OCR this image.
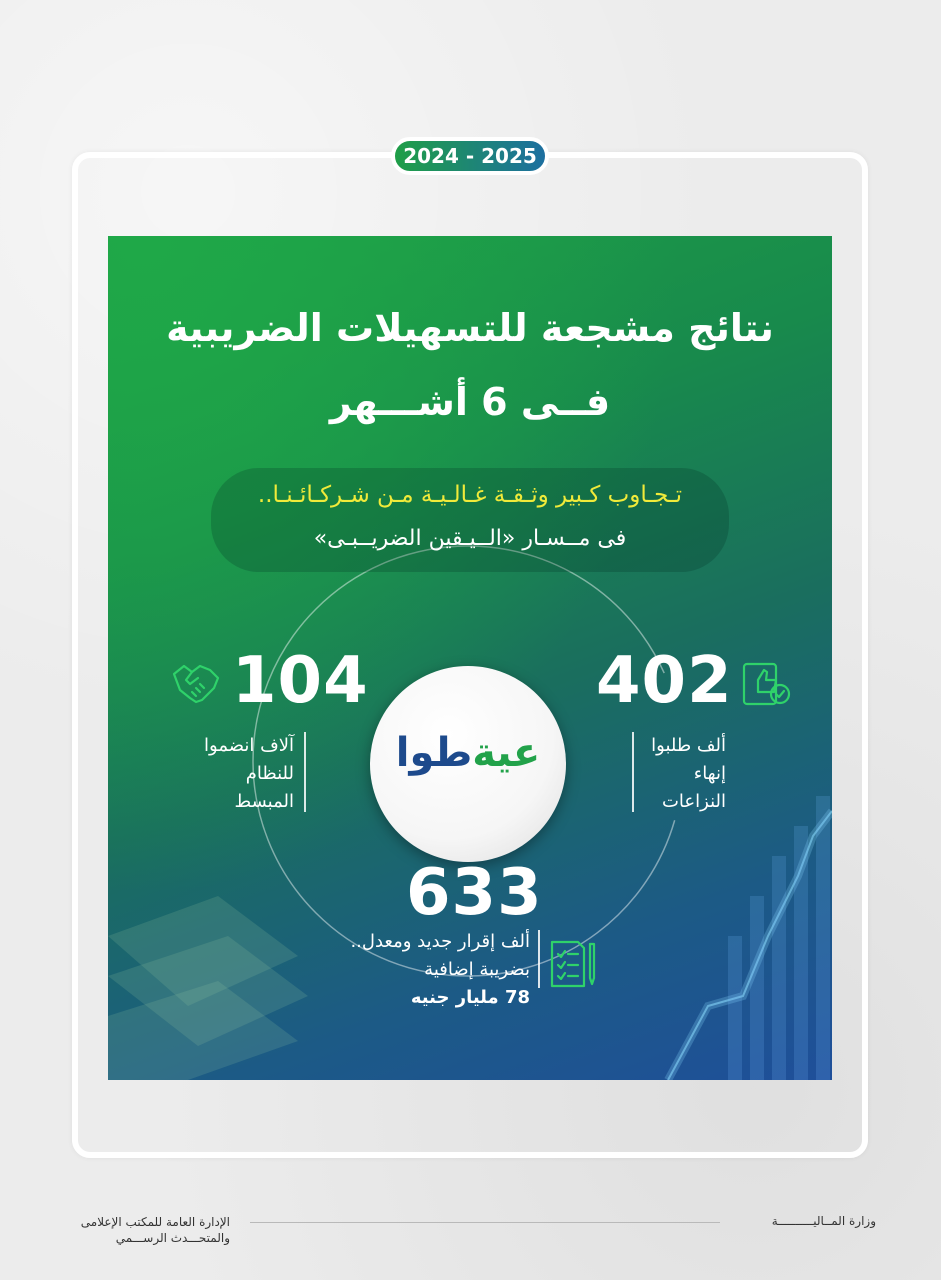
2024 - 2025
نتائج مشجعة للتسهيلات الضريبية
فــى 6 أشـــهر
تـجـاوب كـبير وثـقـة غـالـيـة مـن شـركـائـنـا..
فى مــسـار «الــيـقين الضريــبـى»
عيةطوا
104
آلاف انضموا
للنظام
المبسط
402
ألف طلبوا
إنهاء
النزاعات
633
ألف إقرار جديد ومعدل..
بضريبة إضافية
78 مليار جنيه
الإدارة العامة للمكتب الإعلامى
والمتحـــدث الرســـمي
وزارة المــاليــــــــــة
